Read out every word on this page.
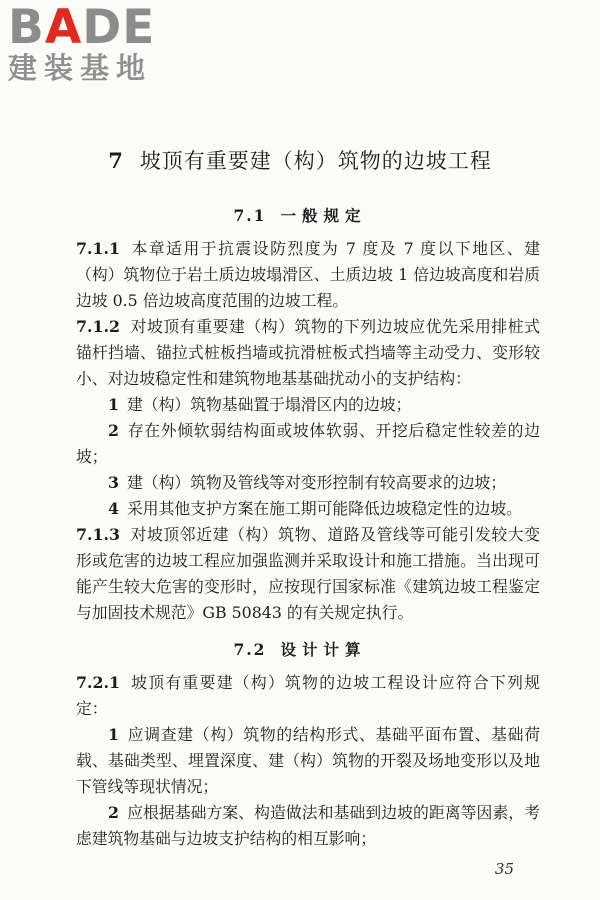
B A D E
建装基地
7 坡顶有重要建（构）筑物的边坡工程
7.1 一般规定

7.1.1 本章适用于抗震设防烈度为 7 度及 7 度以下地区、建（构）筑物位于岩土质边坡塌滑区、土质边坡 1 倍边坡高度和岩质边坡 0.5 倍边坡高度范围的边坡工程。

7.1.2 对坡顶有重要建（构）筑物的下列边坡应优先采用排桩式锚杆挡墙、锚拉式桩板挡墙或抗滑桩板式挡墙等主动受力、变形较小、对边坡稳定性和建筑物地基基础扰动小的支护结构：

1 建（构）筑物基础置于塌滑区内的边坡；

2 存在外倾软弱结构面或坡体软弱、开挖后稳定性较差的边坡；

3 建（构）筑物及管线等对变形控制有较高要求的边坡；

4 采用其他支护方案在施工期可能降低边坡稳定性的边坡。

7.1.3 对坡顶邻近建（构）筑物、道路及管线等可能引发较大变形或危害的边坡工程应加强监测并采取设计和施工措施。当出现可能产生较大危害的变形时，应按现行国家标准《建筑边坡工程鉴定与加固技术规范》GB 50843 的有关规定执行。

7.2 设计计算

7.2.1 坡顶有重要建（构）筑物的边坡工程设计应符合下列规定：

1 应调查建（构）筑物的结构形式、基础平面布置、基础荷载、基础类型、埋置深度、建（构）筑物的开裂及场地变形以及地下管线等现状情况；

2 应根据基础方案、构造做法和基础到边坡的距离等因素，考虑建筑物基础与边坡支护结构的相互影响；

35
